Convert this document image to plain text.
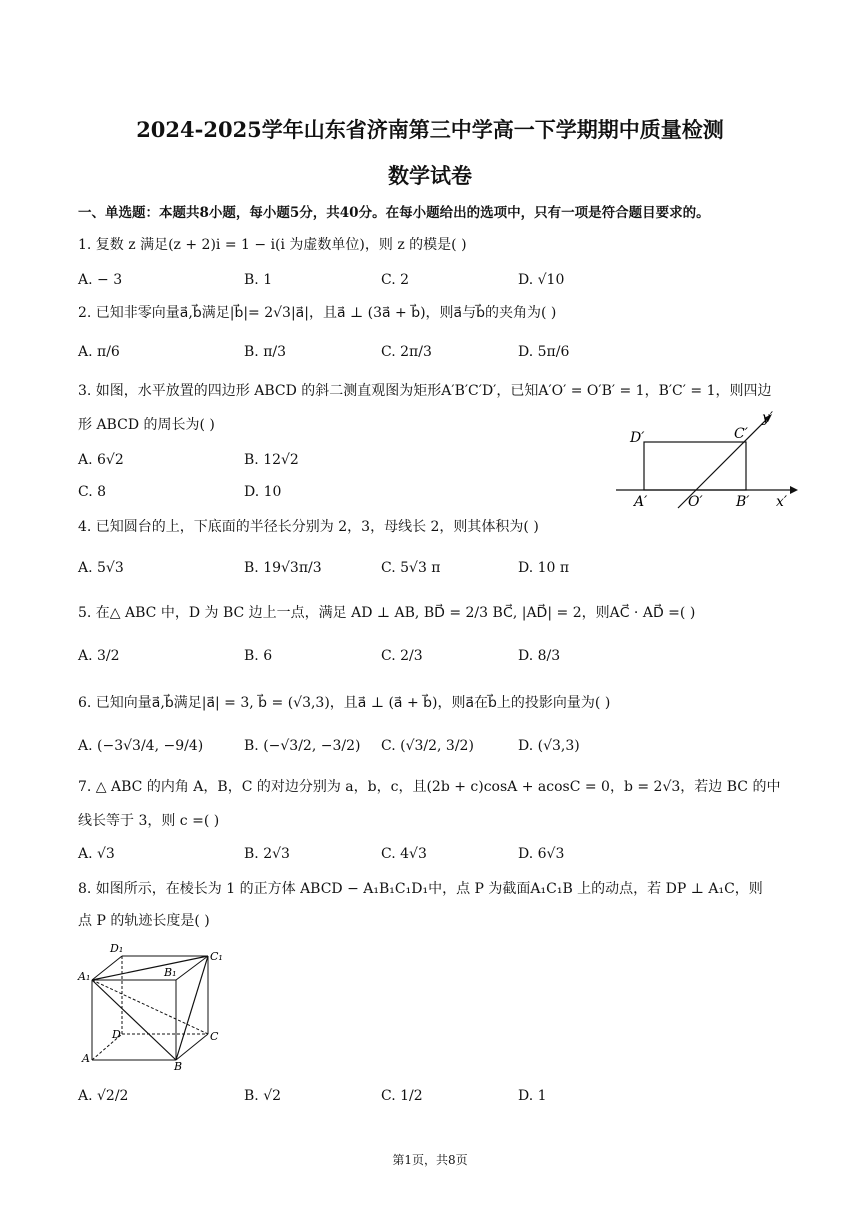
2024-2025学年山东省济南第三中学高一下学期期中质量检测
数学试卷
一、单选题：本题共8小题，每小题5分，共40分。在每小题给出的选项中，只有一项是符合题目要求的。
1. 复数 z 满足(z + 2)i = 1 − i(i 为虚数单位)，则 z 的模是( )
A. − 3	B. 1	C. 2	D. √10
2. 已知非零向量a⃗,b⃗满足|b⃗|= 2√3|a⃗|，且a⃗ ⊥ (3a⃗ + b⃗)，则a⃗与b⃗的夹角为( )
A. π/6	B. π/3	C. 2π/3	D. 5π/6
3. 如图，水平放置的四边形 ABCD 的斜二测直观图为矩形A′B′C′D′，已知A′O′ = O′B′ = 1，B′C′ = 1，则四边
形 ABCD 的周长为( )
A. 6√2	B. 12√2
C. 8	D. 10
D′	C′
y′
A′	O′ B′ x′
4. 已知圆台的上，下底面的半径长分别为 2，3，母线长 2，则其体积为( )
A. 5√3	B. 19√3π/3	C. 5√3 π	D. 10 π
5. 在△ ABC 中，D 为 BC 边上一点，满足 AD ⊥ AB, BD⃗ = 2/3 BC⃗, |AD⃗| = 2，则AC⃗ · AD⃗ =( )
A. 3/2	B. 6	C. 2/3	D. 8/3
6. 已知向量a⃗,b⃗满足|a⃗| = 3, b⃗ = (√3,3)，且a⃗ ⊥ (a⃗ + b⃗)，则a⃗在b⃗上的投影向量为( )
A. (−3√3/4, −9/4)	B. (−√3/2, −3/2) C. (√3/2, 3/2)	D. (√3,3)
7. △ ABC 的内角 A，B，C 的对边分别为 a，b，c，且(2b + c)cosA + acosC = 0，b = 2√3，若边 BC 的中
线长等于 3，则 c =( )
A. √3	B. 2√3	C. 4√3	D. 6√3
8. 如图所示，在棱长为 1 的正方体 ABCD − A₁B₁C₁D₁中，点 P 为截面A₁C₁B 上的动点，若 DP ⊥ A₁C，则
点 P 的轨迹长度是( )
D₁
C₁
A₁	B₁
D	C
A
B
A. √2/2	B. √2	C. 1/2	D. 1
第1页，共8页
